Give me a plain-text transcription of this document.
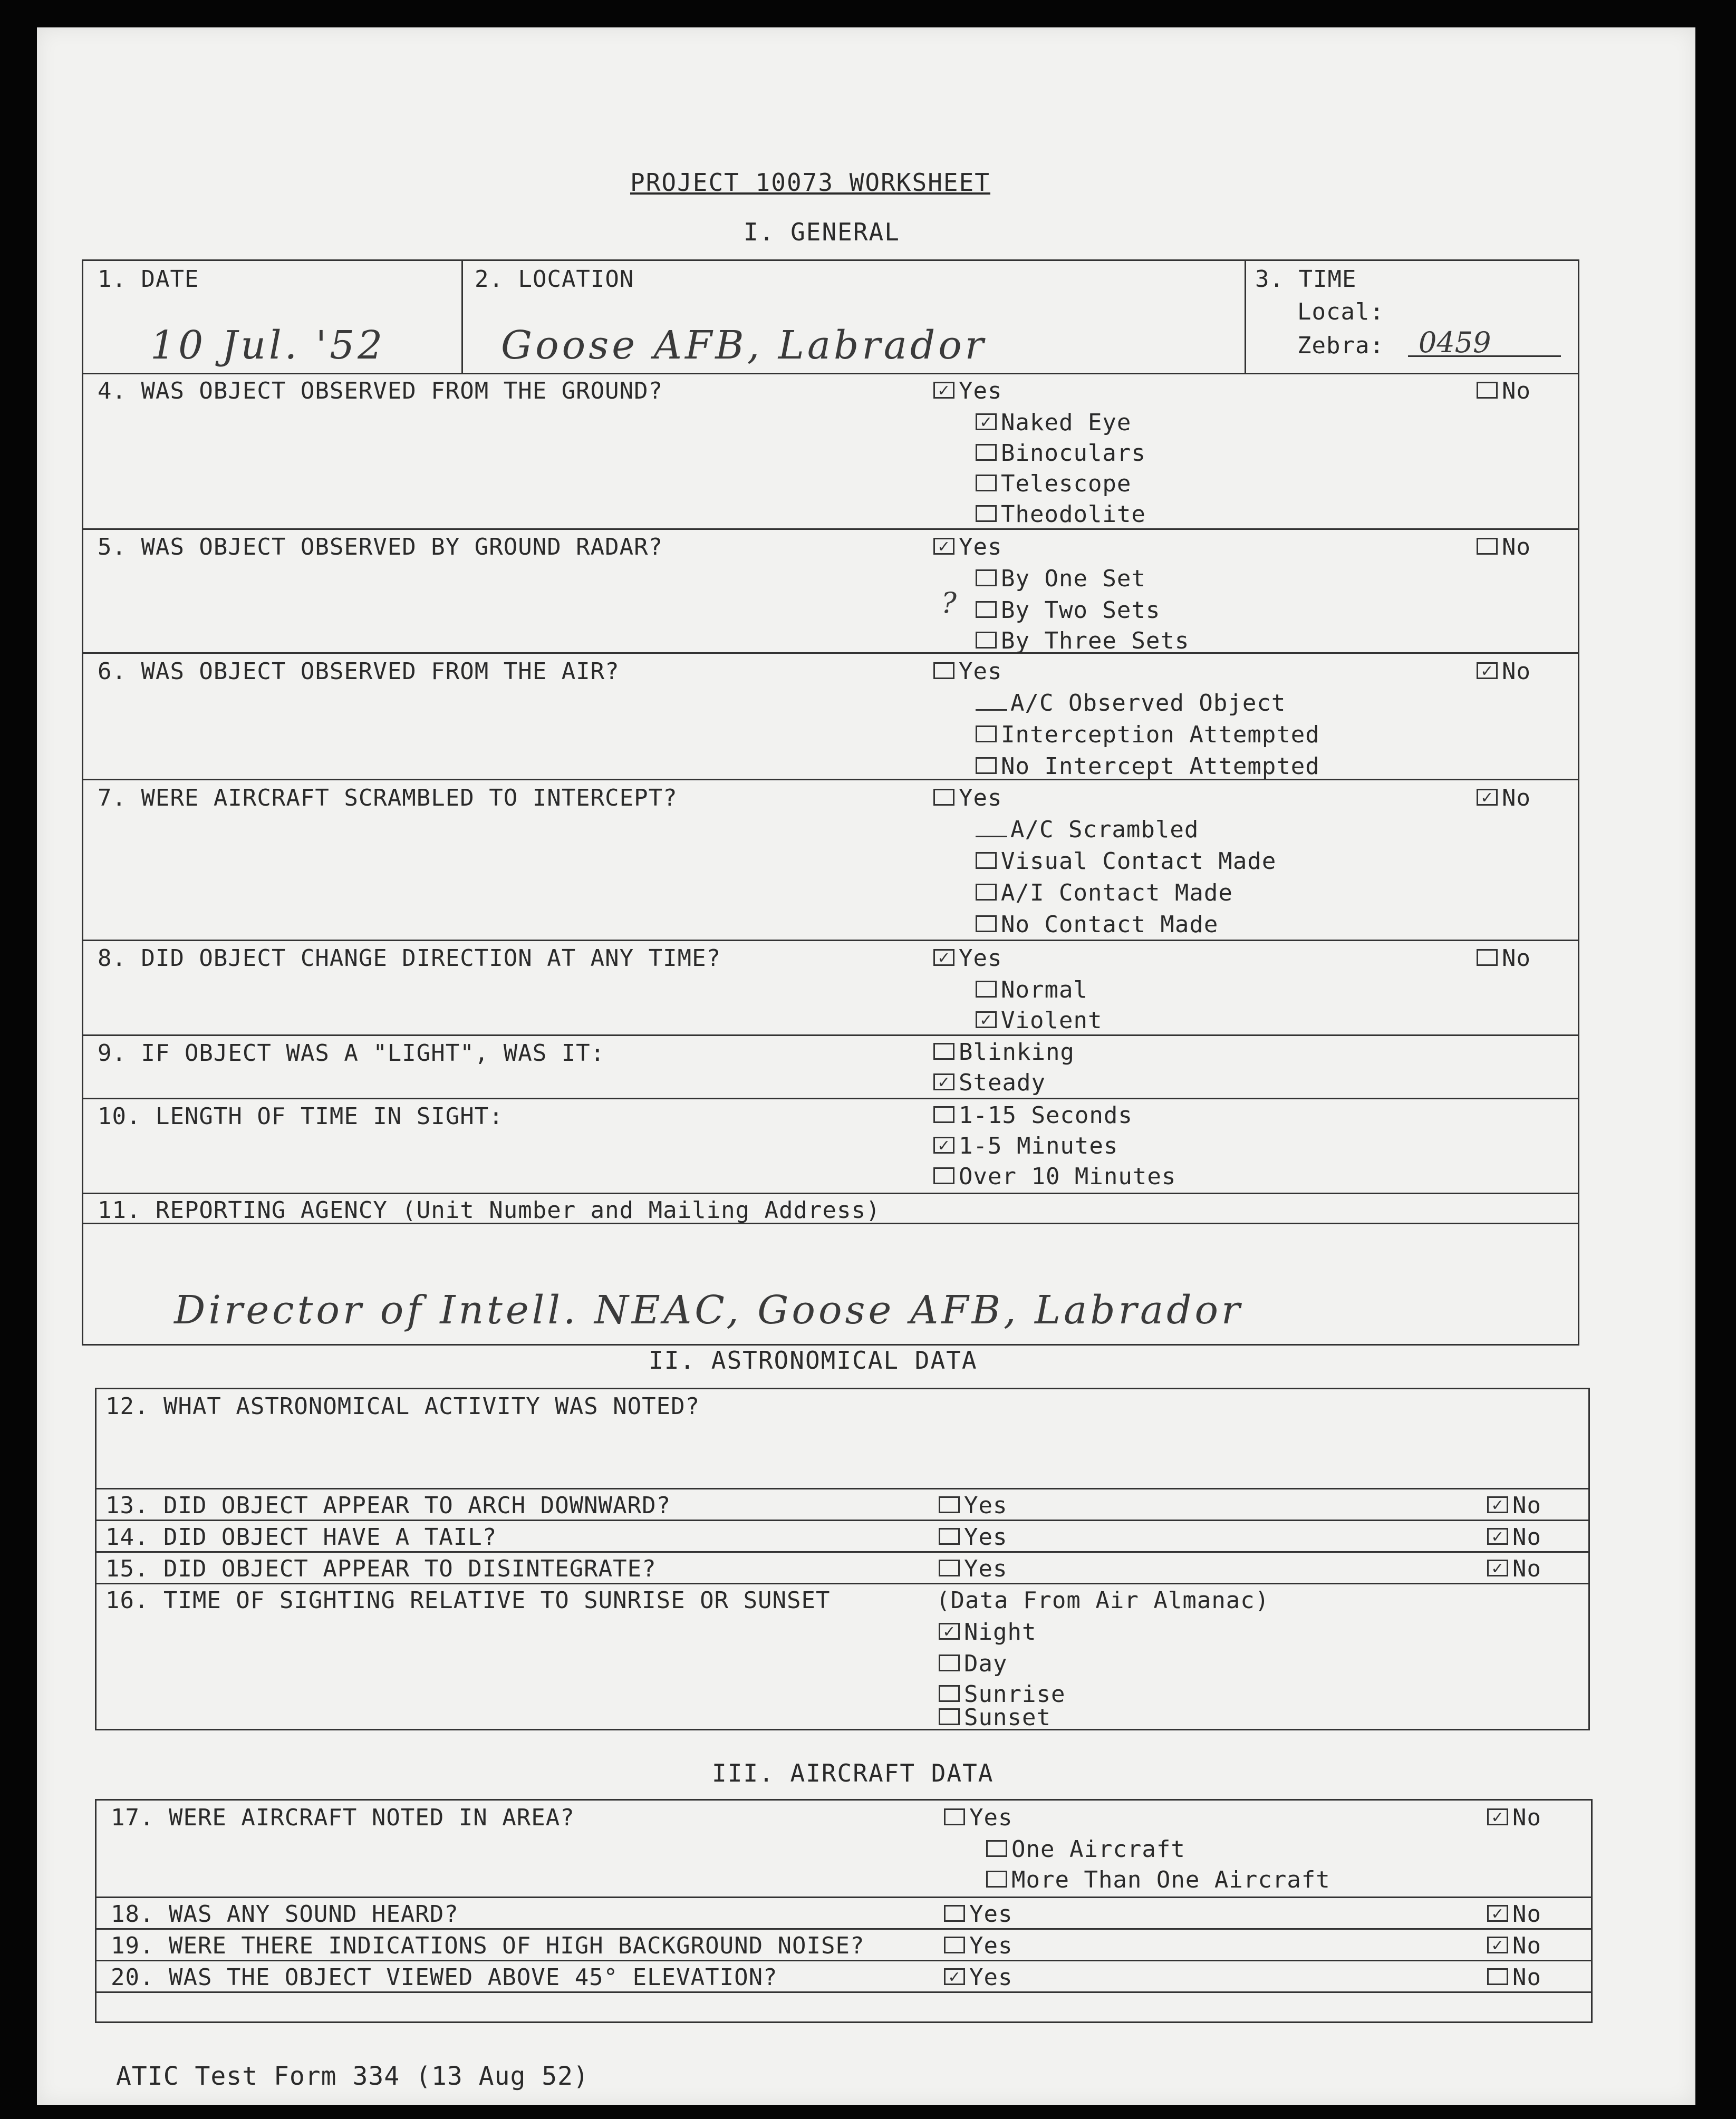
PROJECT 10073 WORKSHEET
I. GENERAL
1. DATE
10 Jul. '52
2. LOCATION
Goose AFB, Labrador
3. TIME
Local:
Zebra: 0459
4. WAS OBJECT OBSERVED FROM THE GROUND?	✓ Yes	No
✓ Naked Eye
Binoculars
Telescope
Theodolite
5. WAS OBJECT OBSERVED BY GROUND RADAR?	✓ Yes	No
By One Set
?	By Two Sets
By Three Sets
6. WAS OBJECT OBSERVED FROM THE AIR?	Yes	✓ No
A/C Observed Object
Interception Attempted
No Intercept Attempted
7. WERE AIRCRAFT SCRAMBLED TO INTERCEPT?	Yes	✓ No
A/C Scrambled
Visual Contact Made
A/I Contact Made
No Contact Made
8. DID OBJECT CHANGE DIRECTION AT ANY TIME?	✓ Yes	No
Normal
✓ Violent
9. IF OBJECT WAS A "LIGHT", WAS IT:	Blinking
✓ Steady
10. LENGTH OF TIME IN SIGHT:	1-15 Seconds
✓ 1-5 Minutes
Over 10 Minutes
11. REPORTING AGENCY (Unit Number and Mailing Address)
Director of Intell. NEAC, Goose AFB, Labrador
II. ASTRONOMICAL DATA
12. WHAT ASTRONOMICAL ACTIVITY WAS NOTED?
13. DID OBJECT APPEAR TO ARCH DOWNWARD?	Yes	✓ No
14. DID OBJECT HAVE A TAIL?	Yes	✓ No
15. DID OBJECT APPEAR TO DISINTEGRATE?	Yes	✓ No
16. TIME OF SIGHTING RELATIVE TO SUNRISE OR SUNSET	(Data From Air Almanac)
✓ Night
Day
Sunrise
Sunset
III. AIRCRAFT DATA
17. WERE AIRCRAFT NOTED IN AREA?	Yes	✓ No
One Aircraft
More Than One Aircraft
18. WAS ANY SOUND HEARD?	Yes	✓ No
19. WERE THERE INDICATIONS OF HIGH BACKGROUND NOISE?	Yes	✓ No
20. WAS THE OBJECT VIEWED ABOVE 45° ELEVATION?	✓ Yes	No
ATIC Test Form 334 (13 Aug 52)
